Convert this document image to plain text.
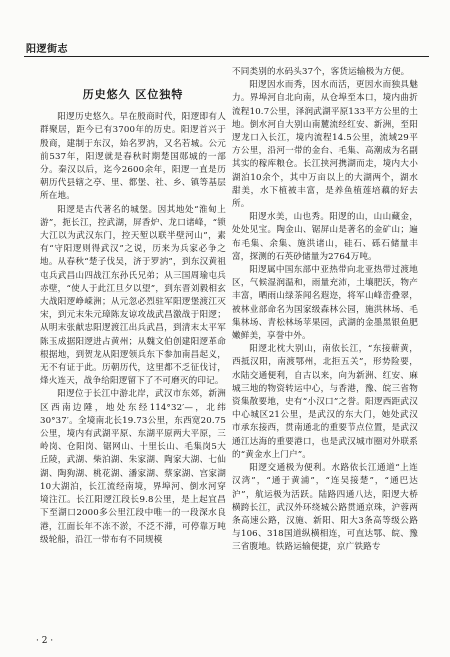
阳逻街志
历史悠久 区位独特

阳逻历史悠久。早在殷商时代，阳逻即有人群聚居，距今已有3700年的历史。阳逻首兴于殷商，建制于东汉，始名罗汭，又名若城。公元前537年，阳逻就是春秋时期楚国郧城的一部分。秦汉以后，迄今2600余年，阳逻一直是历朝历代县辖之亭、里、都堡、社、乡、镇等基层所在地。

阳逻是古代著名的城堡。因其地处“淮甸上游”，扼长江，控武湖，屏香炉、龙口诸峰，“锁大江以为武汉东门，控天堑以联半壁河山”，素有“守阳逻则得武汉”之说，历来为兵家必争之地。从春秋“楚子伐吴，济于罗汭”，到东汉黄祖屯兵武昌山四战江东孙氏兄弟；从三国周瑜屯兵赤壁，“使人于此江旦夕以望”，到东晋刘毅相玄大战阳逻峥嵘洲；从元忽必烈驻军阳逻堡渡江灭宋，到元末朱元璋陈友谅攻战武昌激战于阳逻；从明末张献忠阳逻渡江出兵武昌，到清末太平军陈玉成据阳逻进占黄州；从魏文伯创建阳逻革命根据地，到贺龙从阳逻领兵东下参加南昌起义，无不有证于此。历朝历代，这里都不乏征伐讨，烽火连天，战争给阳逻留下了不可磨灭的印记。

阳逻位于长江中游北岸，武汉市东郊，新洲区西南边陲，地处东经114°32′—，北纬30°37′。全境南北长19.73公里，东西宽20.75公里，境内有武湖平原、东湖平原两大平原，三岭岗、仓阳岗、锯网山、十里长山、毛集岗5大丘陵，武湖、柴泊湖、朱家湖、陶家大湖、七仙湖、陶狗湖、桃花湖、潘家湖、蔡家湖、宫家湖10大湖泊，长江流经南境，界埠河、倒水河穿境注江。长江阳逻江段长9.8公里，是上起宜昌下至湖口2000多公里江段中唯一的一段深水良港，江面长年不冻不淤，不泛不滞，可停靠万吨级轮船，沿江一带布有不同规模

不同类别的水码头37个，客货运输极为方便。

阳逻因水而秀，因水而活，更因水而独具魅力。界埠河自北向南，从仓埠至本口，境内曲折流程10.7公里，泽润武湖平原133平方公里的土地。倒水河自大别山南麓流经红安、新洲，至阳逻龙口入长江，境内流程14.5公里，流域29平方公里，沿河一带的金台、毛集、高潮成为名副其实的稼库粮仓。长江挟河携湖而走，境内大小湖泊10余个，其中万亩以上的大湖两个，湖水甜美，水下植被丰富，是养鱼植莲培藕的好去所。

阳逻水美，山也秀。阳逻的山，山山藏金，处处见宝。陶金山、锯屏山是著名的金矿山；遍布毛集、余集、施洪诸山，硅石、砾石储量丰富，探测的石英砂储量为2764万吨。

阳逻属中国东部中亚热带向北亚热带过渡地区，气候湿润温和，雨量充沛，土壤肥沃，物产丰富，晒雨山绿茶闻名遐迩，将军山峰峦叠翠，被林业部命名为国家级森林公园，施洪林场、毛集林场、青松林场苹果园，武湖的金墨黑银鱼肥嫩鲜美，享誉中外。

阳逻北枕大别山，南依长江，“东接蕲黄，西抵汉阳，南渡鄂州，北拒五关”，形势险要，水陆交通便利，自古以来，向为新洲、红安、麻城三地的物资转运中心，与香港，豫、皖三省物资集散要地，史有“小汉口”之誉。阳逻西距武汉中心城区21公里，是武汉的东大门，她处武汉市承东接西，贯南通北的重要节点位置，是武汉通江达海的重要港口，也是武汉城市圈对外联系的“黄金水上门户”。

阳逻交通极为便利。水路依长江通道“上连汉湾”，“通于黄浦”，“连吴接楚”，“通巴达沪”，航运极为活跃。陆路四通八达，阳逻大桥横跨长江，武汉外环绕城公路贯通京珠，沪蓉两条高速公路，汉施、新阳、阳大3条高等级公路与106、318国道纵横相连，可直达鄂、皖、豫三省腹地。铁路运输便捷，京广铁路专

· 2 ·
